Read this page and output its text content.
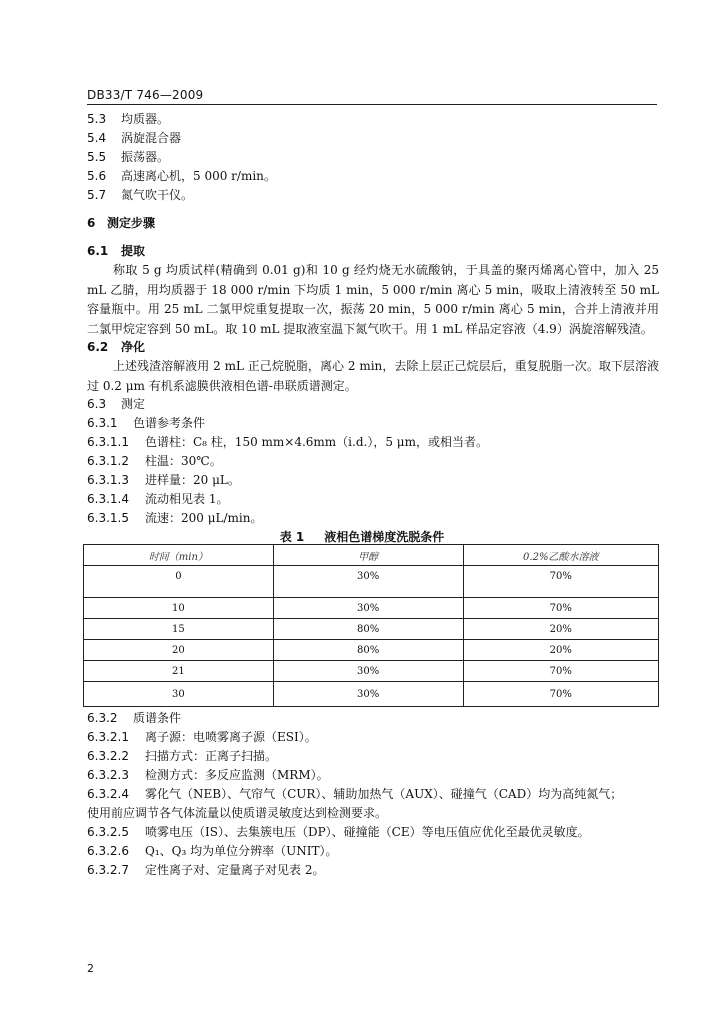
DB33/T 746—2009
5.3 均质器。
5.4 涡旋混合器
5.5 振荡器。
5.6 高速离心机，5 000 r/min。
5.7 氮气吹干仪。
6 测定步骤
6.1 提取
称取 5 g 均质试样(精确到 0.01 g)和 10 g 经灼烧无水硫酸钠，于具盖的聚丙烯离心管中，加入 25 mL 乙腈，用均质器于 18 000 r/min 下均质 1 min，5 000 r/min 离心 5 min，吸取上清液转至 50 mL 容量瓶中。用 25 mL 二氯甲烷重复提取一次，振荡 20 min，5 000 r/min 离心 5 min，合并上清液并用二氯甲烷定容到 50 mL。取 10 mL 提取液室温下氮气吹干。用 1 mL 样品定容液（4.9）涡旋溶解残渣。
6.2 净化
上述残渣溶解液用 2 mL 正己烷脱脂，离心 2 min，去除上层正己烷层后，重复脱脂一次。取下层溶液过 0.2 μm 有机系滤膜供液相色谱-串联质谱测定。
6.3 测定
6.3.1 色谱参考条件
6.3.1.1 色谱柱：C₈ 柱，150 mm×4.6mm（i.d.），5 μm，或相当者。
6.3.1.2 柱温：30℃。
6.3.1.3 进样量：20 μL。
6.3.1.4 流动相见表 1。
6.3.1.5 流速：200 μL/min。
表 1 液相色谱梯度洗脱条件
时间（min）	甲醇	0.2%乙酸水溶液
0	30%	70%

10	30%	70%
15	80%	20%
20	80%	20%
21	30%	70%
30	30%	70%
6.3.2 质谱条件
6.3.2.1 离子源：电喷雾离子源（ESI）。
6.3.2.2 扫描方式：正离子扫描。
6.3.2.3 检测方式：多反应监测（MRM）。
6.3.2.4 雾化气（NEB）、气帘气（CUR）、辅助加热气（AUX）、碰撞气（CAD）均为高纯氮气；
使用前应调节各气体流量以使质谱灵敏度达到检测要求。
6.3.2.5 喷雾电压（IS）、去集簇电压（DP）、碰撞能（CE）等电压值应优化至最优灵敏度。
6.3.2.6 Q₁、Q₃ 均为单位分辨率（UNIT）。
6.3.2.7 定性离子对、定量离子对见表 2。
2
